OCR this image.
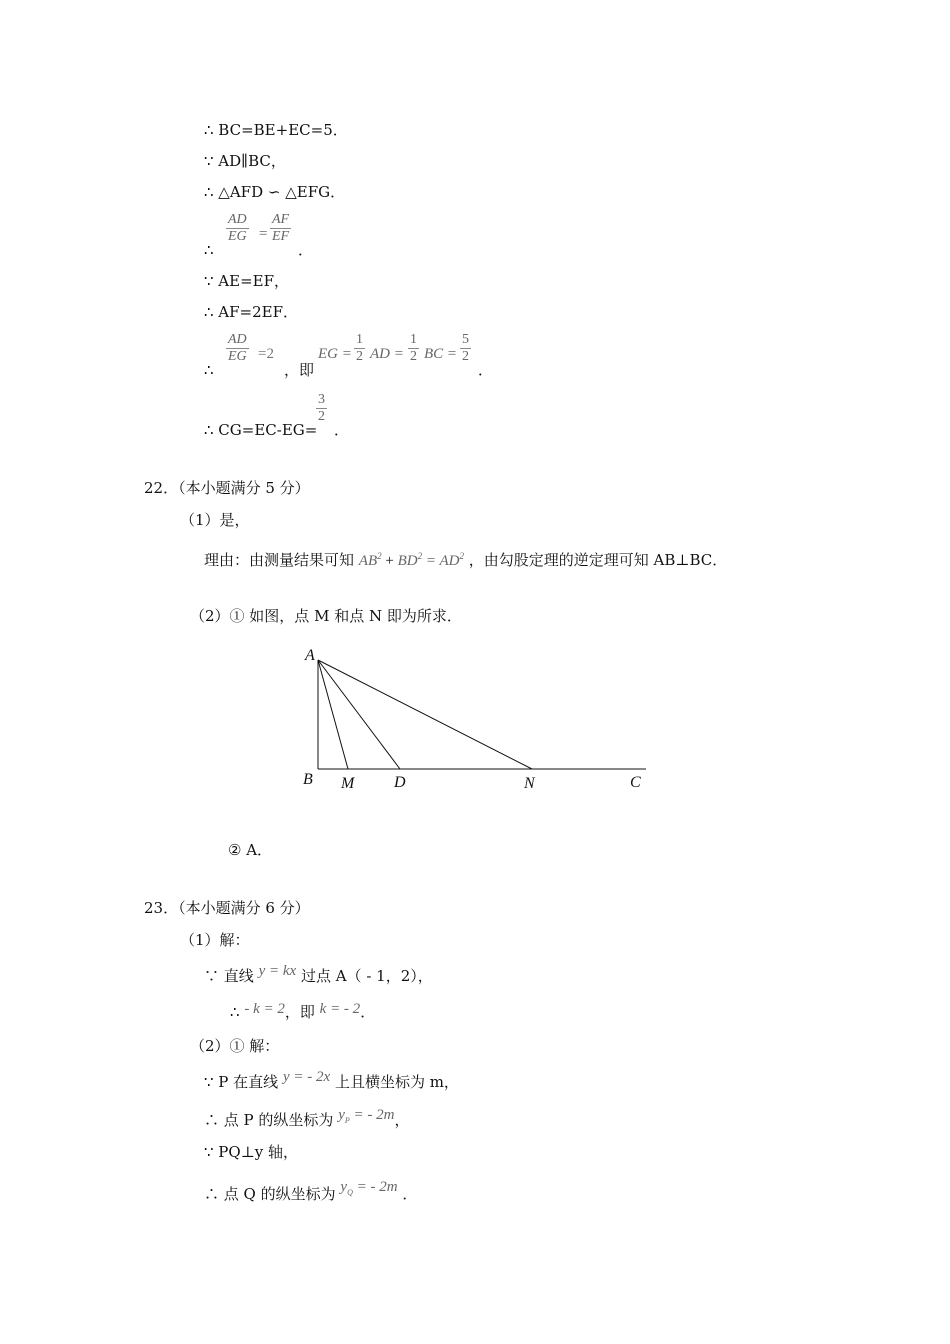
∴ BC=BE+EC=5．
∵ AD∥BC，
∴ △AFD ∽ △EFG．
∴
$\frac{AD}{EG} = \frac{AF}{EF}$
．
∵ AE=EF，
∴ AF=2EF．
∴
$\frac{AD}{EG} =2$
，即
EG = $\frac{1}{2}$ AD = $\frac{1}{2}$ BC = $\frac{5}{2}$
．
∴ CG=EC-EG=
$\frac{3}{2}$
．
22．（本小题满分 5 分）
（1）是，
理由：由测量结果可知 $AB^2 + BD^2 = AD^2$ ，由勾股定理的逆定理可知 AB⊥BC．
（2）① 如图，点 M 和点 N 即为所求．
A
B M D	N	C
② A．
23．（本小题满分 6 分）
（1）解：
∵ 直线 y = kx 过点 A（ - 1，2），
∴ - k = 2，即 k = - 2．
（2）① 解：
∵ P 在直线 y = - 2x 上且横坐标为 m，
∴ 点 P 的纵坐标为 $y_P$ = - 2m，
∵ PQ⊥y 轴，
∴ 点 Q 的纵坐标为 $y_Q$ = - 2m ．
